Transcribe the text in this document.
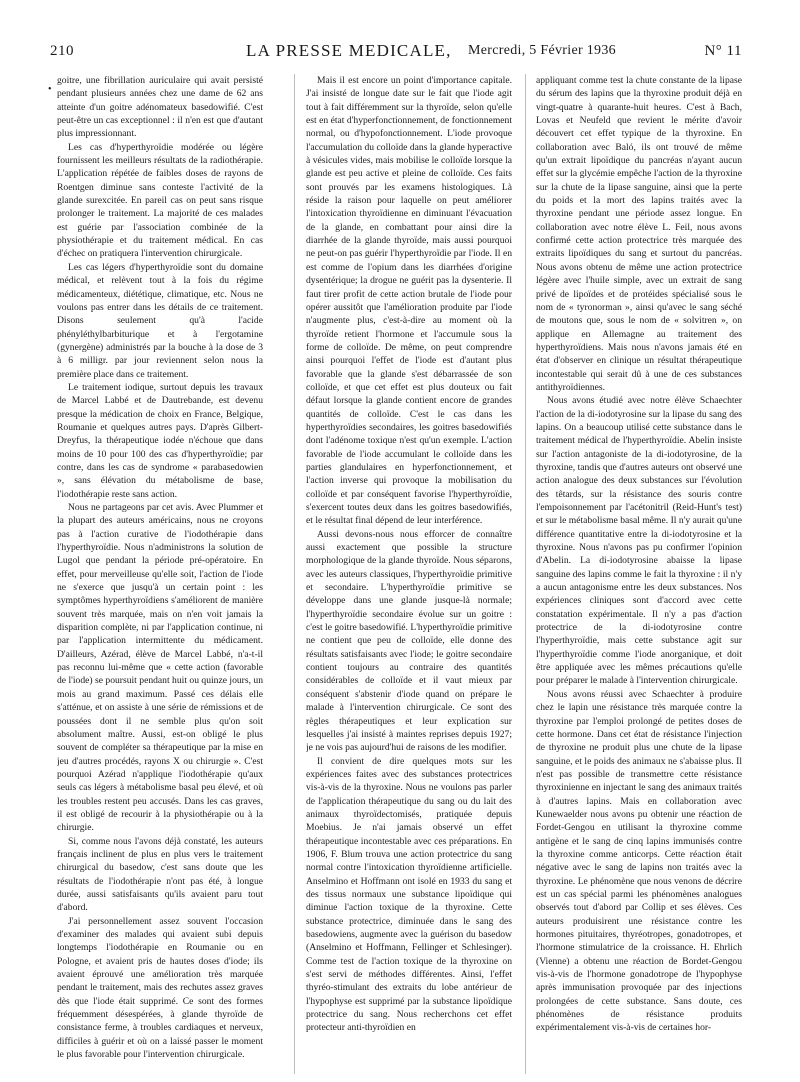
210	LA PRESSE MEDICALE, Mercredi, 5 Février 1936	N° 11
•

goitre, une fibrillation auriculaire qui avait persisté pendant plusieurs années chez une dame de 62 ans atteinte d'un goitre adénomateux basedowifié. C'est peut-être un cas exceptionnel : il n'en est que d'autant plus impressionnant.

Les cas d'hyperthyroïdie modérée ou légère fournissent les meilleurs résultats de la radiothérapie. L'application répétée de faibles doses de rayons de Roentgen diminue sans conteste l'activité de la glande surexcitée. En pareil cas on peut sans risque prolonger le traitement. La majorité de ces malades est guérie par l'association combinée de la physiothérapie et du traitement médical. En cas d'échec on pratiquera l'intervention chirurgicale.

Les cas légers d'hyperthyroïdie sont du domaine médical, et relèvent tout à la fois du régime médicamenteux, diététique, climatique, etc. Nous ne voulons pas entrer dans les détails de ce traitement. Disons seulement qu'à l'acide phényléthylbarbiturique et à l'ergotamine (gynergène) administrés par la bouche à la dose de 3 à 6 milligr. par jour reviennent selon nous la première place dans ce traitement.

Le traitement iodique, surtout depuis les travaux de Marcel Labbé et de Dautrebande, est devenu presque la médication de choix en France, Belgique, Roumanie et quelques autres pays. D'après Gilbert-Dreyfus, la thérapeutique iodée n'échoue que dans moins de 10 pour 100 des cas d'hyperthyroïdie; par contre, dans les cas de syndrome « parabasedowien », sans élévation du métabolisme de base, l'iodothérapie reste sans action.

Nous ne partageons par cet avis. Avec Plummer et la plupart des auteurs américains, nous ne croyons pas à l'action curative de l'iodothérapie dans l'hyperthyroïdie. Nous n'administrons la solution de Lugol que pendant la période pré-opératoire. En effet, pour merveilleuse qu'elle soit, l'action de l'iode ne s'exerce que jusqu'à un certain point : les symptômes hyperthyroïdiens s'améliorent de manière souvent très marquée, mais on n'en voit jamais la disparition complète, ni par l'application continue, ni par l'application intermittente du médicament. D'ailleurs, Azérad, élève de Marcel Labbé, n'a-t-il pas reconnu lui-même que « cette action (favorable de l'iode) se poursuit pendant huit ou quinze jours, un mois au grand maximum. Passé ces délais elle s'atténue, et on assiste à une série de rémissions et de poussées dont il ne semble plus qu'on soit absolument maître. Aussi, est-on obligé le plus souvent de compléter sa thérapeutique par la mise en jeu d'autres procédés, rayons X ou chirurgie ». C'est pourquoi Azérad n'applique l'iodothérapie qu'aux seuls cas légers à métabolisme basal peu élevé, et où les troubles restent peu accusés. Dans les cas graves, il est obligé de recourir à la physiothérapie ou à la chirurgie.

Si, comme nous l'avons déjà constaté, les auteurs français inclinent de plus en plus vers le traitement chirurgical du basedow, c'est sans doute que les résultats de l'iodothérapie n'ont pas été, à longue durée, aussi satisfaisants qu'ils avaient paru tout d'abord.

J'ai personnellement assez souvent l'occasion d'examiner des malades qui avaient subi depuis longtemps l'iodothérapie en Roumanie ou en Pologne, et avaient pris de hautes doses d'iode; ils avaient éprouvé une amélioration très marquée pendant le traitement, mais des rechutes assez graves dès que l'iode était supprimé. Ce sont des formes fréquemment désespérées, à glande thyroïde de consistance ferme, à troubles cardiaques et nerveux, difficiles à guérir et où on a laissé passer le moment le plus favorable pour l'intervention chirurgicale.

Mais il est encore un point d'importance capitale. J'ai insisté de longue date sur le fait que l'iode agit tout à fait différemment sur la thyroïde, selon qu'elle est en état d'hyperfonctionnement, de fonctionnement normal, ou d'hypofonctionnement. L'iode provoque l'accumulation du colloïde dans la glande hyperactive à vésicules vides, mais mobilise le colloïde lorsque la glande est peu active et pleine de colloïde. Ces faits sont prouvés par les examens histologiques. Là réside la raison pour laquelle on peut améliorer l'intoxication thyroïdienne en diminuant l'évacuation de la glande, en combattant pour ainsi dire la diarrhée de la glande thyroïde, mais aussi pourquoi ne peut-on pas guérir l'hyperthyroïdie par l'iode. Il en est comme de l'opium dans les diarrhées d'origine dysentérique; la drogue ne guérit pas la dysenterie. Il faut tirer profit de cette action brutale de l'iode pour opérer aussitôt que l'amélioration produite par l'iode n'augmente plus, c'est-à-dire au moment où la thyroïde retient l'hormone et l'accumule sous la forme de colloïde. De même, on peut comprendre ainsi pourquoi l'effet de l'iode est d'autant plus favorable que la glande s'est débarrassée de son colloïde, et que cet effet est plus douteux ou fait défaut lorsque la glande contient encore de grandes quantités de colloïde. C'est le cas dans les hyperthyroïdies secondaires, les goitres basedowifiés dont l'adénome toxique n'est qu'un exemple. L'action favorable de l'iode accumulant le colloïde dans les parties glandulaires en hyperfonctionnement, et l'action inverse qui provoque la mobilisation du colloïde et par conséquent favorise l'hyperthyroïdie, s'exercent toutes deux dans les goitres basedowifiés, et le résultat final dépend de leur interférence.

Aussi devons-nous nous efforcer de connaître aussi exactement que possible la structure morphologique de la glande thyroïde. Nous séparons, avec les auteurs classiques, l'hyperthyroïdie primitive et secondaire. L'hyperthyroïdie primitive se développe dans une glande jusque-là normale; l'hyperthyroïdie secondaire évolue sur un goitre : c'est le goitre basedowifié. L'hyperthyroïdie primitive ne contient que peu de colloïde, elle donne des résultats satisfaisants avec l'iode; le goitre secondaire contient toujours au contraire des quantités considérables de colloïde et il vaut mieux par conséquent s'abstenir d'iode quand on prépare le malade à l'intervention chirurgicale. Ce sont des règles thérapeutiques et leur explication sur lesquelles j'ai insisté à maintes reprises depuis 1927; je ne vois pas aujourd'hui de raisons de les modifier.

Il convient de dire quelques mots sur les expériences faites avec des substances protectrices vis-à-vis de la thyroxine. Nous ne voulons pas parler de l'application thérapeutique du sang ou du lait des animaux thyroïdectomisés, pratiquée depuis Moebius. Je n'ai jamais observé un effet thérapeutique incontestable avec ces préparations. En 1906, F. Blum trouva une action protectrice du sang normal contre l'intoxication thyroïdienne artificielle. Anselmino et Hoffmann ont isolé en 1933 du sang et des tissus normaux une substance lipoïdique qui diminue l'action toxique de la thyroxine. Cette substance protectrice, diminuée dans le sang des basedowiens, augmente avec la guérison du basedow (Anselmino et Hoffmann, Fellinger et Schlesinger). Comme test de l'action toxique de la thyroxine on s'est servi de méthodes différentes. Ainsi, l'effet thyréo-stimulant des extraits du lobe antérieur de l'hypophyse est supprimé par la substance lipoïdique protectrice du sang. Nous recherchons cet effet protecteur anti-thyroïdien en

appliquant comme test la chute constante de la lipase du sérum des lapins que la thyroxine produit déjà en vingt-quatre à quarante-huit heures. C'est à Bach, Lovas et Neufeld que revient le mérite d'avoir découvert cet effet typique de la thyroxine. En collaboration avec Baló, ils ont trouvé de même qu'un extrait lipoïdique du pancréas n'ayant aucun effet sur la glycémie empêche l'action de la thyroxine sur la chute de la lipase sanguine, ainsi que la perte du poids et la mort des lapins traités avec la thyroxine pendant une période assez longue. En collaboration avec notre élève L. Feil, nous avons confirmé cette action protectrice très marquée des extraits lipoïdiques du sang et surtout du pancréas. Nous avons obtenu de même une action protectrice légère avec l'huile simple, avec un extrait de sang privé de lipoïdes et de protéides spécialisé sous le nom de « tyronorman », ainsi qu'avec le sang séché de moutons que, sous le nom de « solvitren », on applique en Allemagne au traitement des hyperthyroïdiens. Mais nous n'avons jamais été en état d'observer en clinique un résultat thérapeutique incontestable qui serait dû à une de ces substances antithyroïdiennes.

Nous avons étudié avec notre élève Schaechter l'action de la di-iodotyrosine sur la lipase du sang des lapins. On a beaucoup utilisé cette substance dans le traitement médical de l'hyperthyroïdie. Abelin insiste sur l'action antagoniste de la di-iodotyrosine, de la thyroxine, tandis que d'autres auteurs ont observé une action analogue des deux substances sur l'évolution des têtards, sur la résistance des souris contre l'empoisonnement par l'acétonitril (Reid-Hunt's test) et sur le métabolisme basal même. Il n'y aurait qu'une différence quantitative entre la di-iodotyrosine et la thyroxine. Nous n'avons pas pu confirmer l'opinion d'Abelin. La di-iodotyrosine abaisse la lipase sanguine des lapins comme le fait la thyroxine : il n'y a aucun antagonisme entre les deux substances. Nos expériences cliniques sont d'accord avec cette constatation expérimentale. Il n'y a pas d'action protectrice de la di-iodotyrosine contre l'hyperthyroïdie, mais cette substance agit sur l'hyperthyroïdie comme l'iode anorganique, et doit être appliquée avec les mêmes précautions qu'elle pour préparer le malade à l'intervention chirurgicale.

Nous avons réussi avec Schaechter à produire chez le lapin une résistance très marquée contre la thyroxine par l'emploi prolongé de petites doses de cette hormone. Dans cet état de résistance l'injection de thyroxine ne produit plus une chute de la lipase sanguine, et le poids des animaux ne s'abaisse plus. Il n'est pas possible de transmettre cette résistance thyroxinienne en injectant le sang des animaux traités à d'autres lapins. Mais en collaboration avec Kunewaelder nous avons pu obtenir une réaction de Fordet-Gengou en utilisant la thyroxine comme antigène et le sang de cinq lapins immunisés contre la thyroxine comme anticorps. Cette réaction était négative avec le sang de lapins non traités avec la thyroxine. Le phénomène que nous venons de décrire est un cas spécial parmi les phénomènes analogues observés tout d'abord par Collip et ses élèves. Ces auteurs produisirent une résistance contre les hormones pituitaires, thyréotropes, gonadotropes, et l'hormone stimulatrice de la croissance. H. Ehrlich (Vienne) a obtenu une réaction de Bordet-Gengou vis-à-vis de l'hormone gonadotrope de l'hypophyse après immunisation provoquée par des injections prolongées de cette substance. Sans doute, ces phénomènes de résistance produits expérimentalement vis-à-vis de certaines hor-
